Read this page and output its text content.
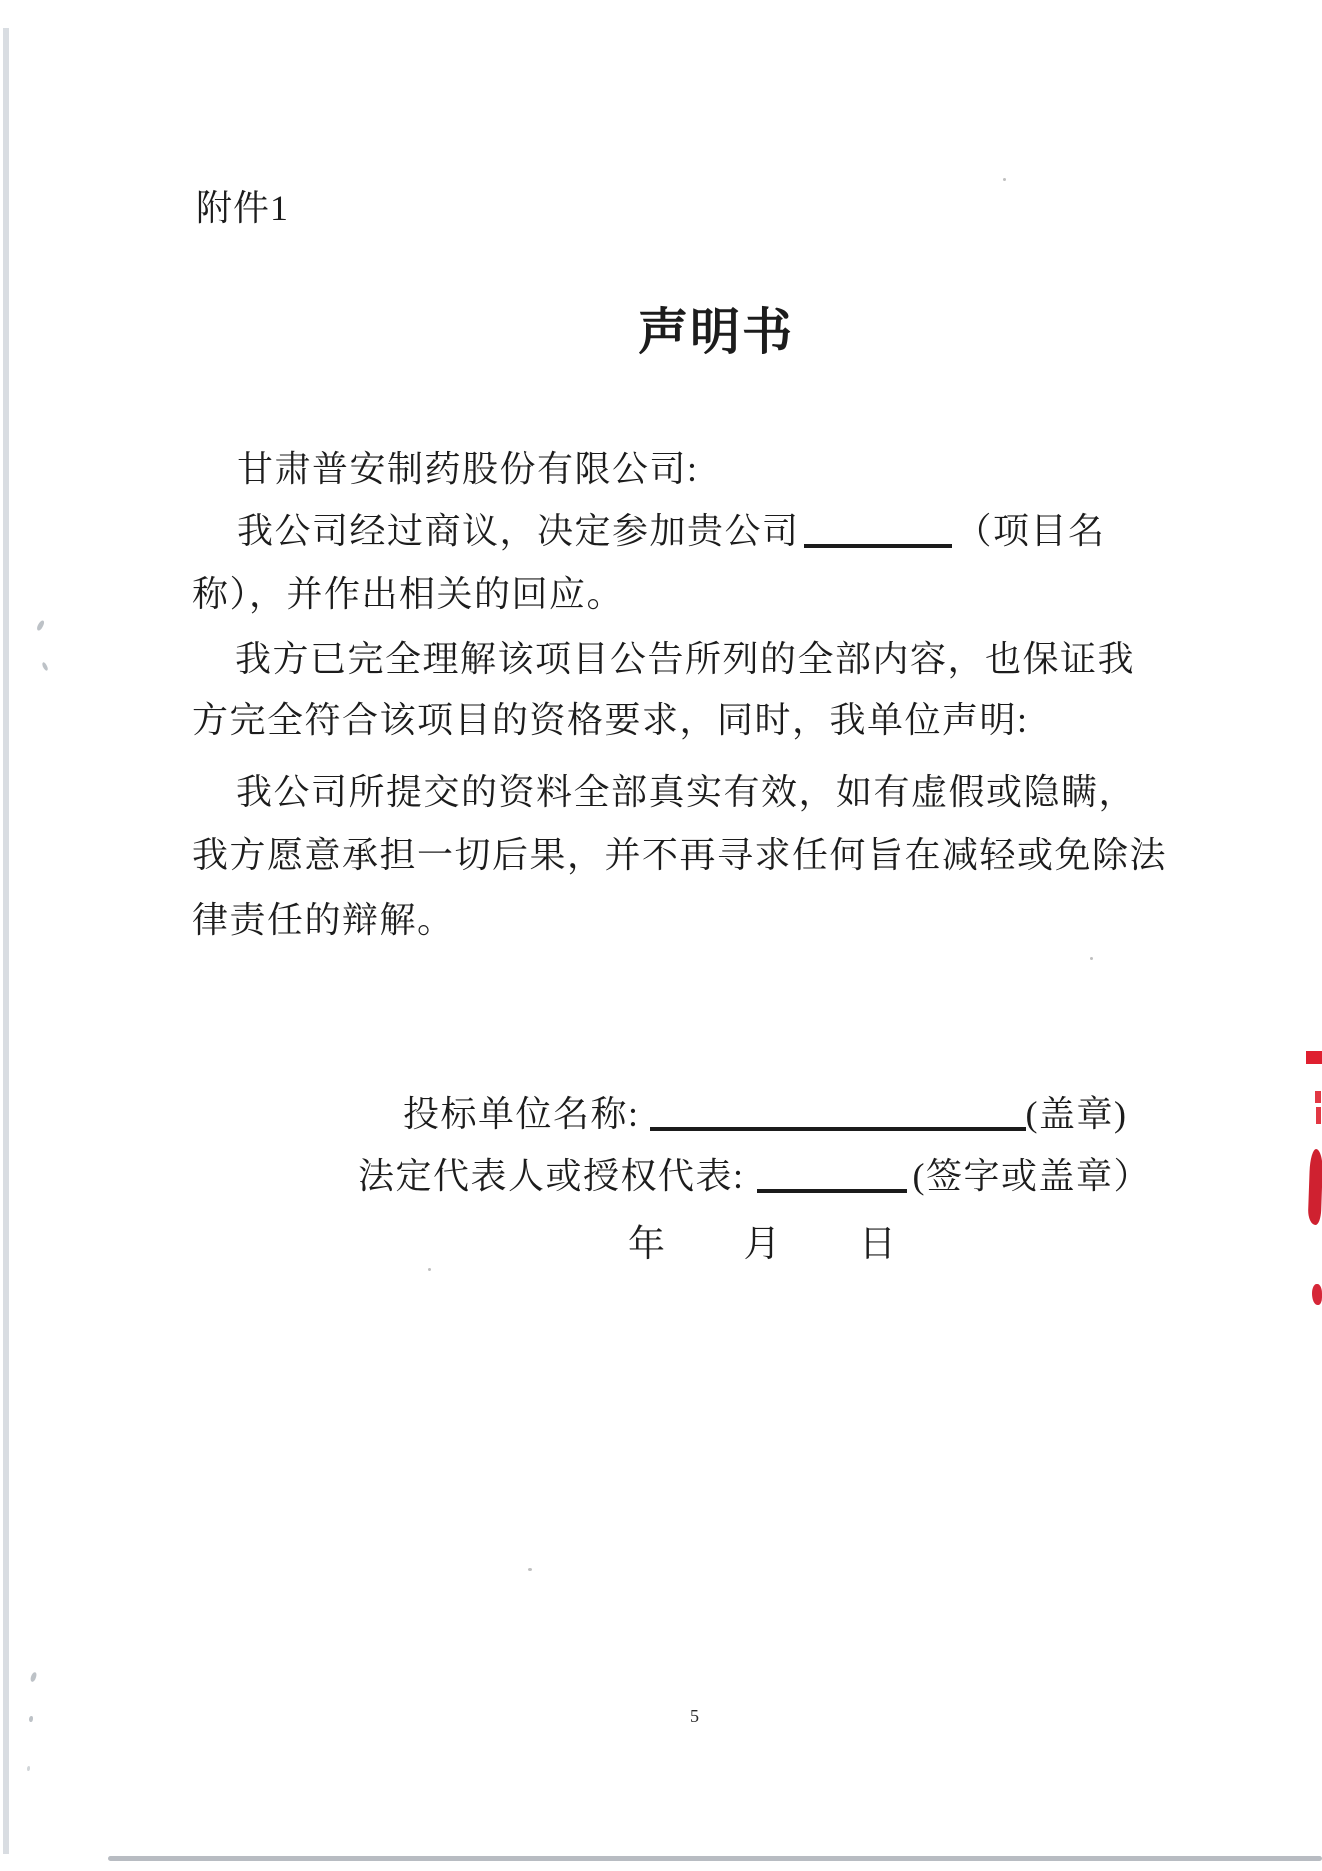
附件1
声明书
甘肃普安制药股份有限公司:
我公司经过商议，决定参加贵公司	（项目名
称），并作出相关的回应。
我方已完全理解该项目公告所列的全部内容，也保证我
方完全符合该项目的资格要求，同时，我单位声明:
我公司所提交的资料全部真实有效，如有虚假或隐瞒，
我方愿意承担一切后果，并不再寻求任何旨在减轻或免除法
律责任的辩解。
投标单位名称:	(盖章)
法定代表人或授权代表:	(签字或盖章）
年 月 日
5
